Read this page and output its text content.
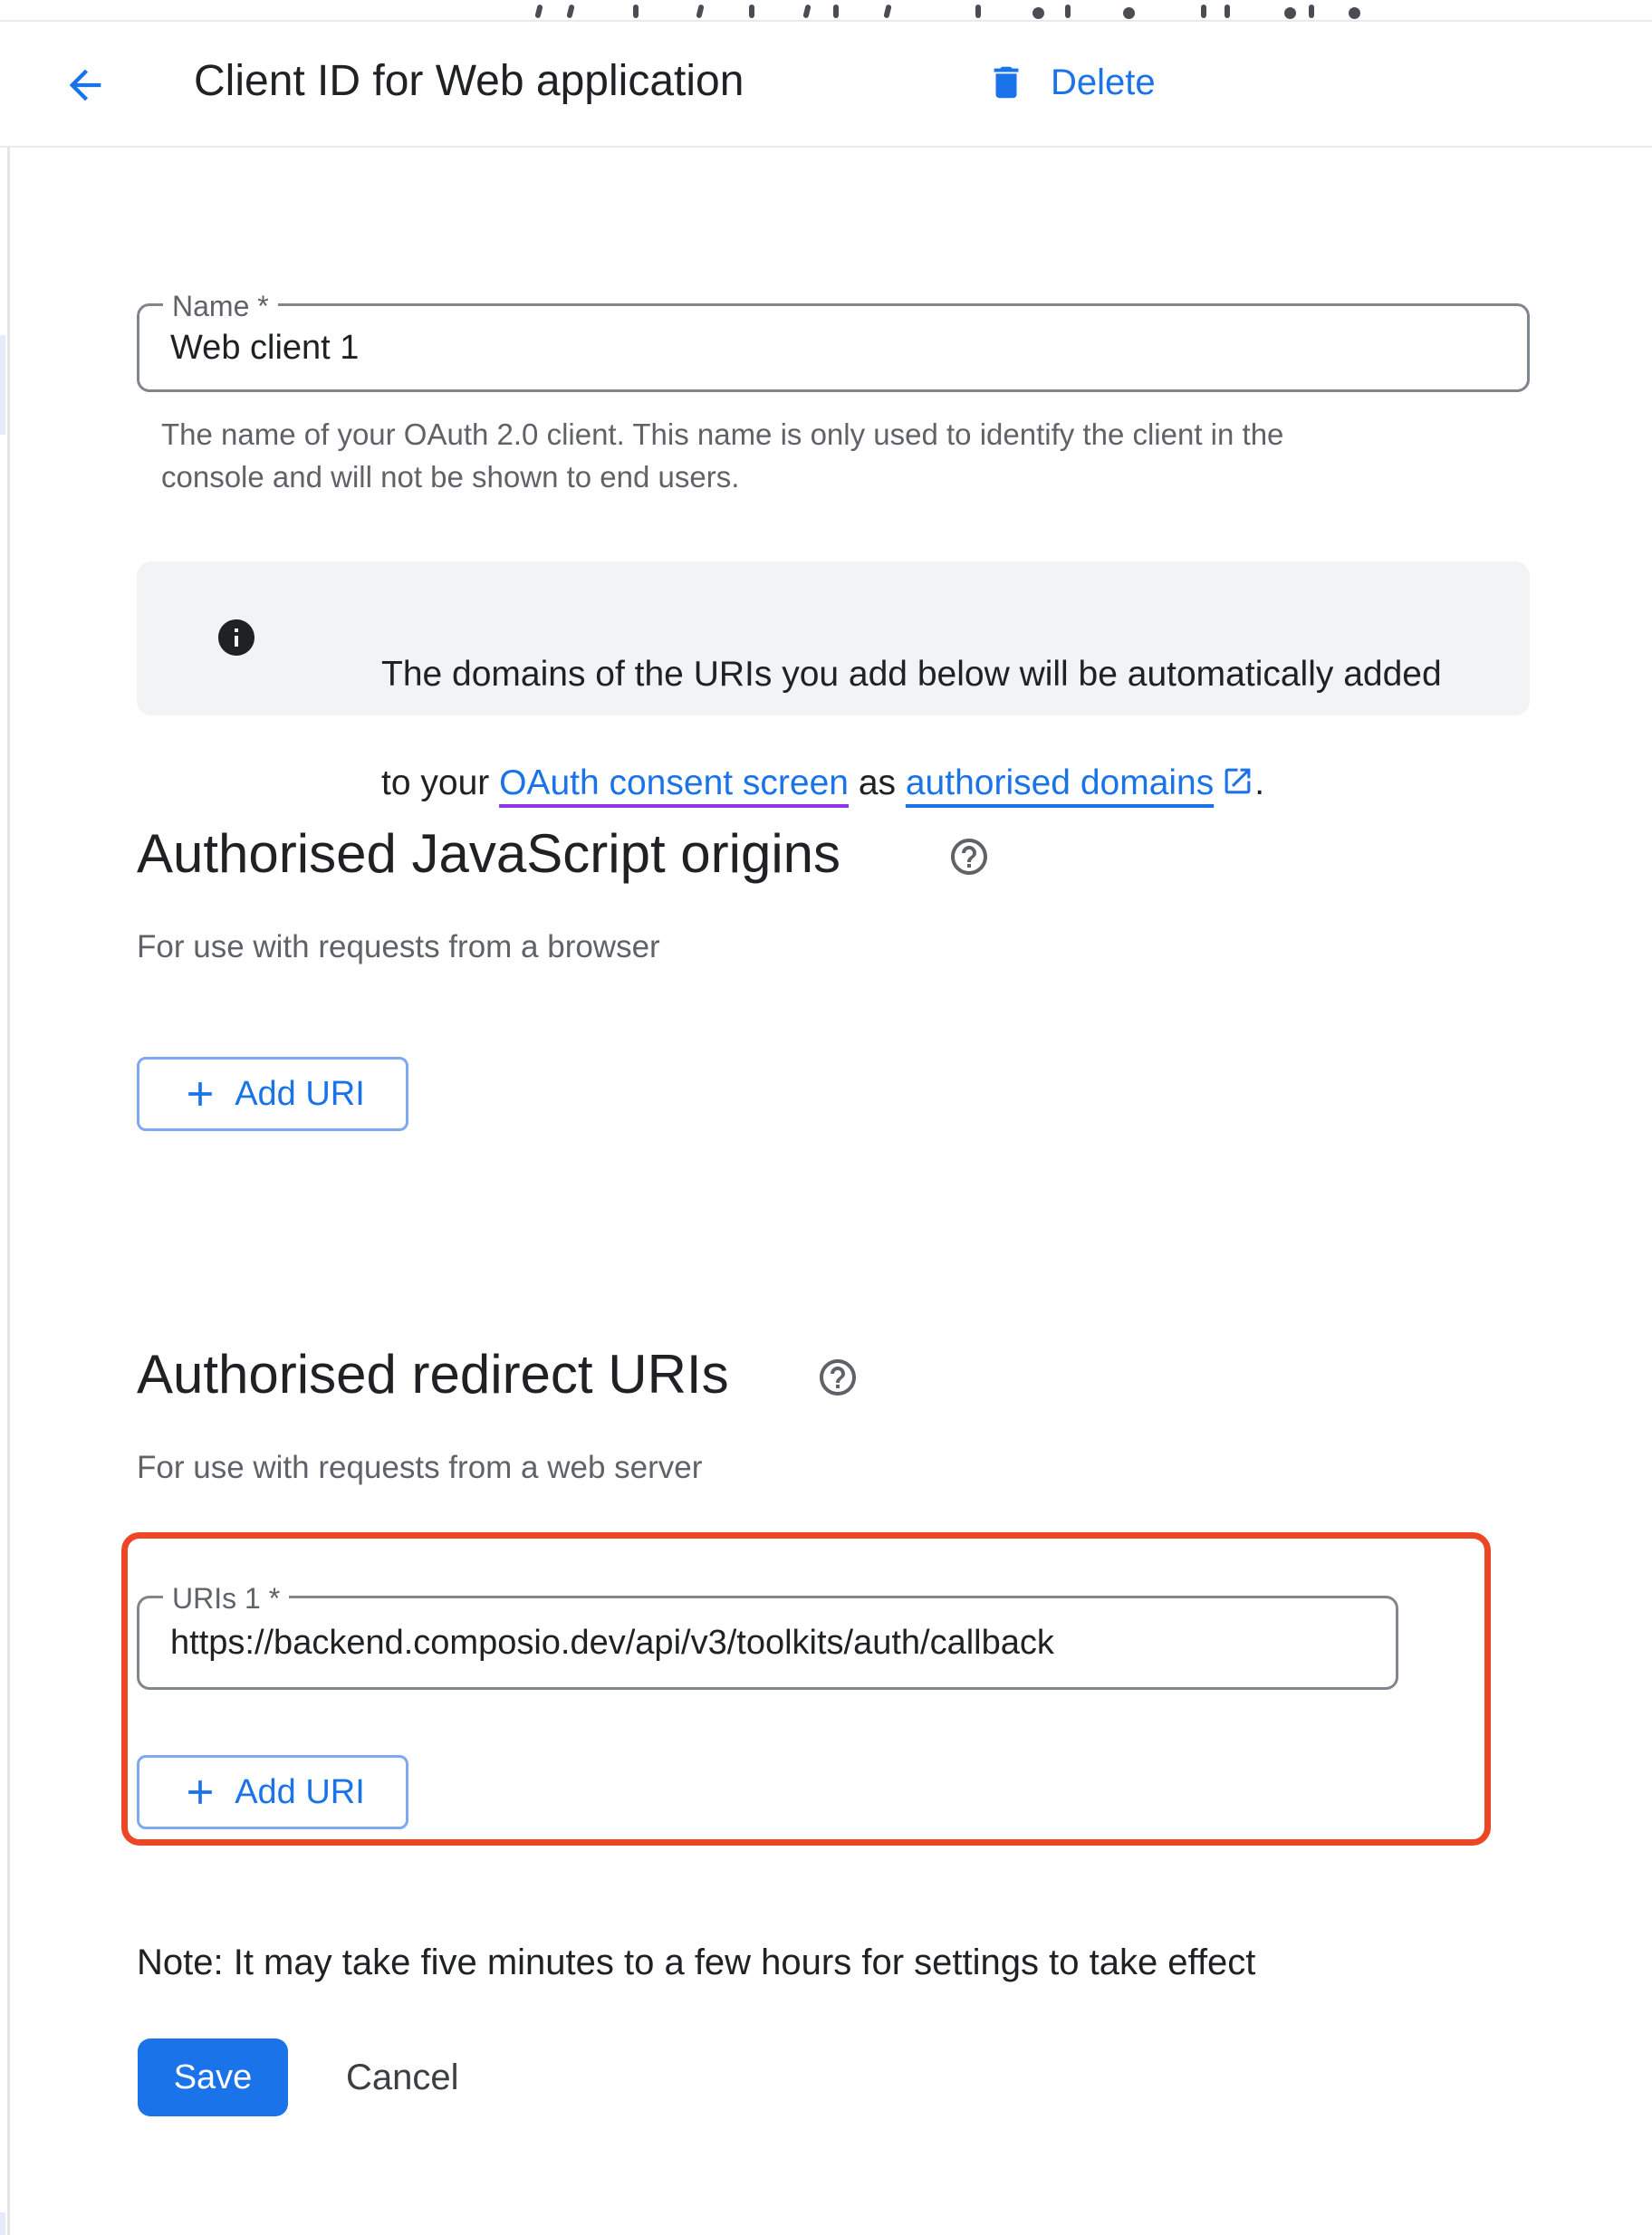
Client ID for Web application	Delete
Name *
Web client 1
The name of your OAuth 2.0 client. This name is only used to identify the client in the
console and will not be shown to end users.

The domains of the URIs you add below will be automatically added

to your OAuth consent screen as authorised domains .

Authorised JavaScript origins
For use with requests from a browser
Add URI
Authorised redirect URIs
For use with requests from a web server
URIs 1 *
https://backend.composio.dev/api/v3/toolkits/auth/callback
Add URI
Note: It may take five minutes to a few hours for settings to take effect
Save	Cancel
